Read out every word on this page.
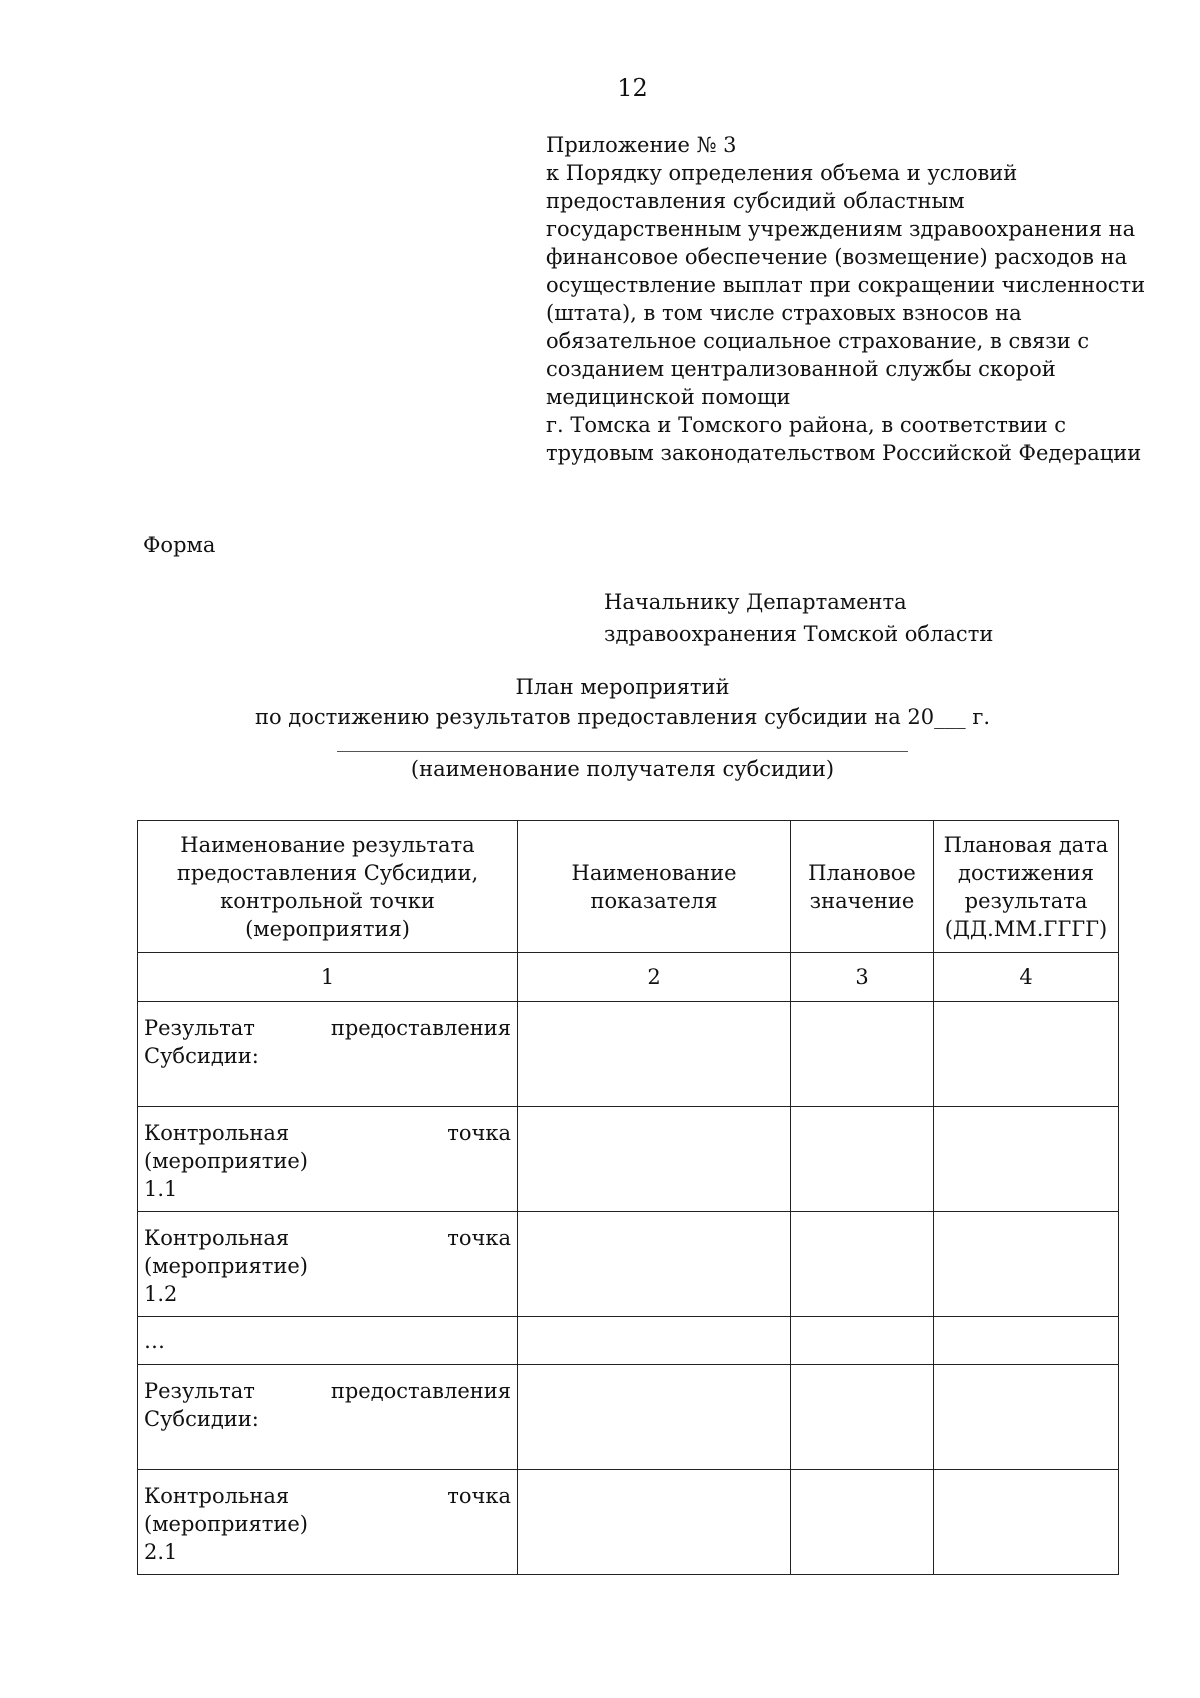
12
Приложение № 3
к Порядку определения объема и условий
предоставления субсидий областным
государственным учреждениям здравоохранения на
финансовое обеспечение (возмещение) расходов на
осуществление выплат при сокращении численности
(штата), в том числе страховых взносов на
обязательное социальное страхование, в связи с
созданием централизованной службы скорой
медицинской помощи
г. Томска и Томского района, в соответствии с
трудовым законодательством Российской Федерации
Форма
Начальнику Департамента
здравоохранения Томской области
План мероприятий
по достижению результатов предоставления субсидии на 20___ г.
(наименование получателя субсидии)
Наименование результата предоставления Субсидии, контрольной точки (мероприятия)	Наименование показателя	Плановое значение	Плановая дата достижения результата (ДД.ММ.ГГГГ)
1	2	3	4

Результат предоставления
Субсидии:			

Контрольная точка (мероприятие)
1.1			

Контрольная точка (мероприятие)
1.2			

…			

Результат предоставления
Субсидии:			

Контрольная точка (мероприятие)
2.1			
